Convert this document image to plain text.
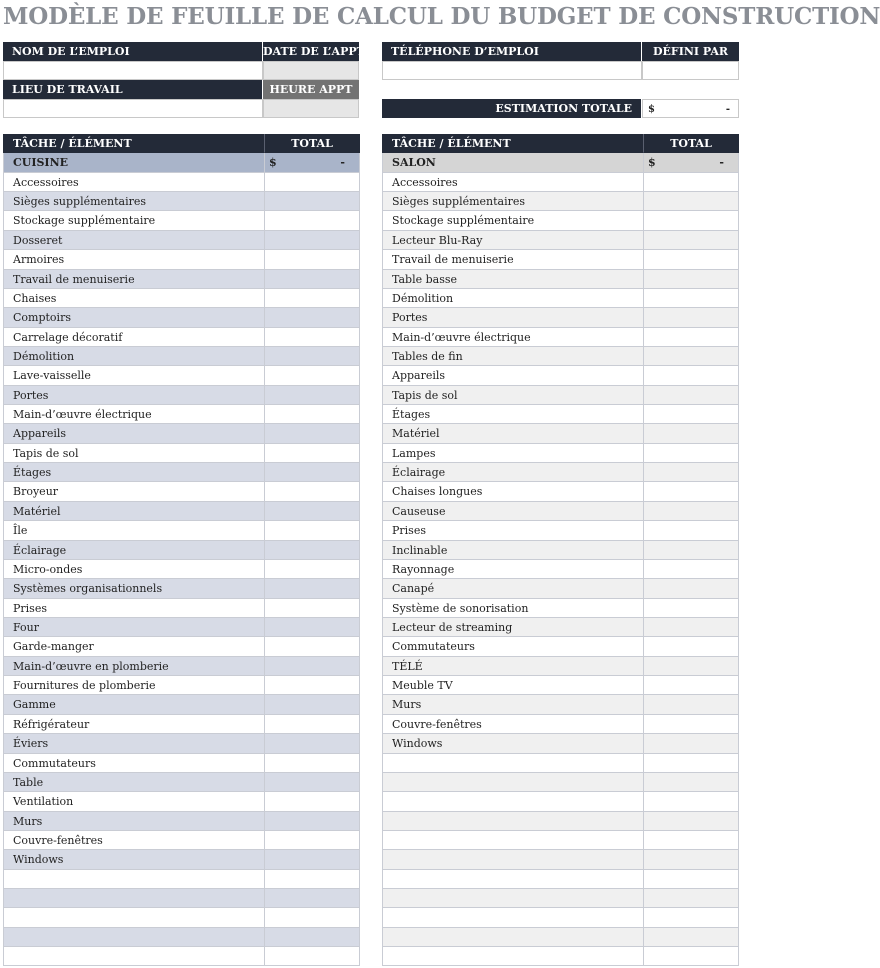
MODÈLE DE FEUILLE DE CALCUL DU BUDGET DE CONSTRUCTION
NOM DE L’EMPLOI	DATE DE L’APPT
LIEU DE TRAVAIL	HEURE APPT
TÉLÉPHONE D’EMPLOI	DÉFINI PAR
ESTIMATION TOTALE	$	-
TÂCHE / ÉLÉMENT	TOTAL
CUISINE	$	-
Accessoires
Sièges supplémentaires
Stockage supplémentaire
Dosseret
Armoires
Travail de menuiserie
Chaises
Comptoirs
Carrelage décoratif
Démolition
Lave-vaisselle
Portes
Main-d’œuvre électrique
Appareils
Tapis de sol
Étages
Broyeur
Matériel
Île
Éclairage
Micro-ondes
Systèmes organisationnels
Prises
Four
Garde-manger
Main-d’œuvre en plomberie
Fournitures de plomberie
Gamme
Réfrigérateur
Éviers
Commutateurs
Table
Ventilation
Murs
Couvre-fenêtres
Windows
TÂCHE / ÉLÉMENT	TOTAL
SALON	$	-
Accessoires
Sièges supplémentaires
Stockage supplémentaire
Lecteur Blu-Ray
Travail de menuiserie
Table basse
Démolition
Portes
Main-d’œuvre électrique
Tables de fin
Appareils
Tapis de sol
Étages
Matériel
Lampes
Éclairage
Chaises longues
Causeuse
Prises
Inclinable
Rayonnage
Canapé
Système de sonorisation
Lecteur de streaming
Commutateurs
TÉLÉ
Meuble TV
Murs
Couvre-fenêtres
Windows
